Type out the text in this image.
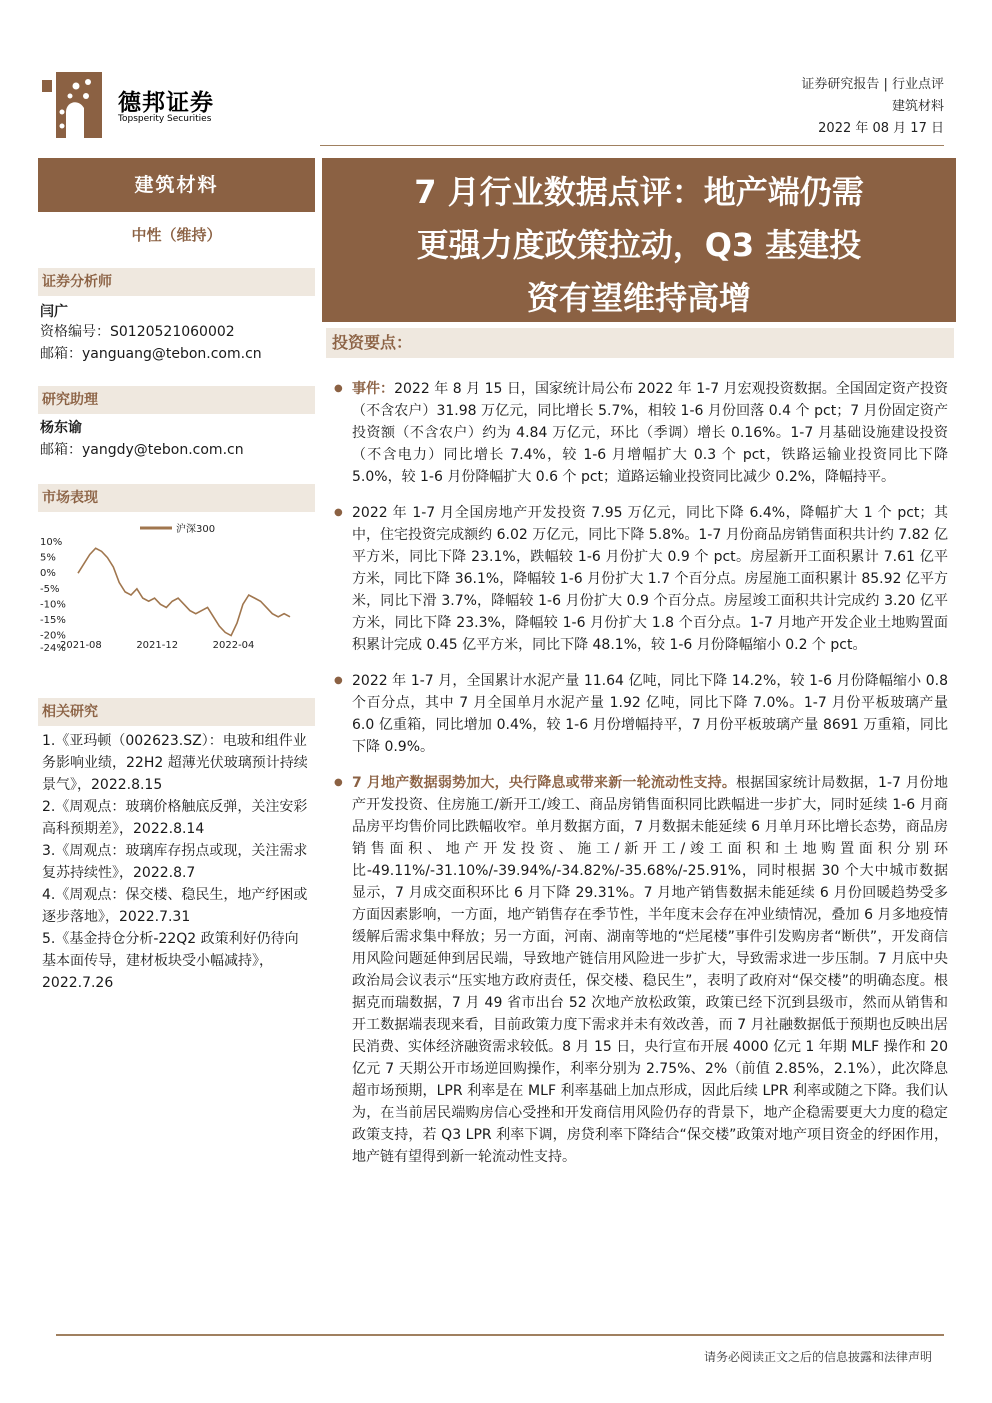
德邦证券
Topsperity Securities
证券研究报告 | 行业点评
建筑材料
2022 年 08 月 17 日
建筑材料
中性（维持）
证券分析师
闫广
资格编号：S0120521060002
邮箱：yanguang@tebon.com.cn
研究助理
杨东谕
邮箱：yangdy@tebon.com.cn
市场表现
10%
5%
0%
-5%
-10%
-15%
-20%
-24%
2021-08	2021-12	2022-04
沪深300
相关研究
1.《亚玛顿（002623.SZ）：电玻和组件业务影响业绩，22H2 超薄光伏玻璃预计持续景气》，2022.8.15
2.《周观点：玻璃价格触底反弹，关注安彩高科预期差》，2022.8.14
3.《周观点：玻璃库存拐点或现，关注需求复苏持续性》，2022.8.7
4.《周观点：保交楼、稳民生，地产纾困或逐步落地》，2022.7.31
5.《基金持仓分析-22Q2 政策利好仍待向基本面传导，建材板块受小幅减持》，2022.7.26
7 月行业数据点评：地产端仍需
更强力度政策拉动，Q3 基建投
资有望维持高增
投资要点：
● 事件：2022 年 8 月 15 日，国家统计局公布 2022 年 1-7 月宏观投资数据。全国固定资产投资（不含农户）31.98 万亿元，同比增长 5.7%，相较 1-6 月份回落 0.4 个 pct；7 月份固定资产投资额（不含农户）约为 4.84 万亿元，环比（季调）增长 0.16%。1-7 月基础设施建设投资（不含电力）同比增长 7.4%，较 1-6 月增幅扩大 0.3 个 pct，铁路运输业投资同比下降 5.0%，较 1-6 月份降幅扩大 0.6 个 pct；道路运输业投资同比减少 0.2%，降幅持平。
● 2022 年 1-7 月全国房地产开发投资 7.95 万亿元，同比下降 6.4%，降幅扩大 1 个 pct；其中，住宅投资完成额约 6.02 万亿元，同比下降 5.8%。1-7 月份商品房销售面积共计约 7.82 亿平方米，同比下降 23.1%，跌幅较 1-6 月份扩大 0.9 个 pct。房屋新开工面积累计 7.61 亿平方米，同比下降 36.1%，降幅较 1-6 月份扩大 1.7 个百分点。房屋施工面积累计 85.92 亿平方米，同比下滑 3.7%，降幅较 1-6 月份扩大 0.9 个百分点。房屋竣工面积共计完成约 3.20 亿平方米，同比下降 23.3%，降幅较 1-6 月份扩大 1.8 个百分点。1-7 月地产开发企业土地购置面积累计完成 0.45 亿平方米，同比下降 48.1%，较 1-6 月份降幅缩小 0.2 个 pct。
● 2022 年 1-7 月，全国累计水泥产量 11.64 亿吨，同比下降 14.2%，较 1-6 月份降幅缩小 0.8 个百分点，其中 7 月全国单月水泥产量 1.92 亿吨，同比下降 7.0%。1-7 月份平板玻璃产量 6.0 亿重箱，同比增加 0.4%，较 1-6 月份增幅持平，7 月份平板玻璃产量 8691 万重箱，同比下降 0.9%。
● 7 月地产数据弱势加大，央行降息或带来新一轮流动性支持。根据国家统计局数据，1-7 月份地产开发投资、住房施工/新开工/竣工、商品房销售面积同比跌幅进一步扩大，同时延续 1-6 月商品房平均售价同比跌幅收窄。单月数据方面，7 月数据未能延续 6 月单月环比增长态势，商品房销售面积、地产开发投资、施工/新开工/竣工面积和土地购置面积分别环比-49.11%/-31.10%/-39.94%/-34.82%/-35.68%/-25.91%，同时根据 30 个大中城市数据显示，7 月成交面积环比 6 月下降 29.31%。7 月地产销售数据未能延续 6 月份回暖趋势受多方面因素影响，一方面，地产销售存在季节性，半年度末会存在冲业绩情况，叠加 6 月多地疫情缓解后需求集中释放；另一方面，河南、湖南等地的“烂尾楼”事件引发购房者“断供”，开发商信用风险问题延伸到居民端，导致地产链信用风险进一步扩大，导致需求进一步压制。7 月底中央政治局会议表示“压实地方政府责任，保交楼、稳民生”，表明了政府对“保交楼”的明确态度。根据克而瑞数据，7 月 49 省市出台 52 次地产放松政策，政策已经下沉到县级市，然而从销售和开工数据端表现来看，目前政策力度下需求并未有效改善，而 7 月社融数据低于预期也反映出居民消费、实体经济融资需求较低。8 月 15 日，央行宣布开展 4000 亿元 1 年期 MLF 操作和 20 亿元 7 天期公开市场逆回购操作，利率分别为 2.75%、2%（前值 2.85%，2.1%），此次降息超市场预期，LPR 利率是在 MLF 利率基础上加点形成，因此后续 LPR 利率或随之下降。我们认为，在当前居民端购房信心受挫和开发商信用风险仍存的背景下，地产企稳需要更大力度的稳定政策支持，若 Q3 LPR 利率下调，房贷利率下降结合“保交楼”政策对地产项目资金的纾困作用，地产链有望得到新一轮流动性支持。
请务必阅读正文之后的信息披露和法律声明
